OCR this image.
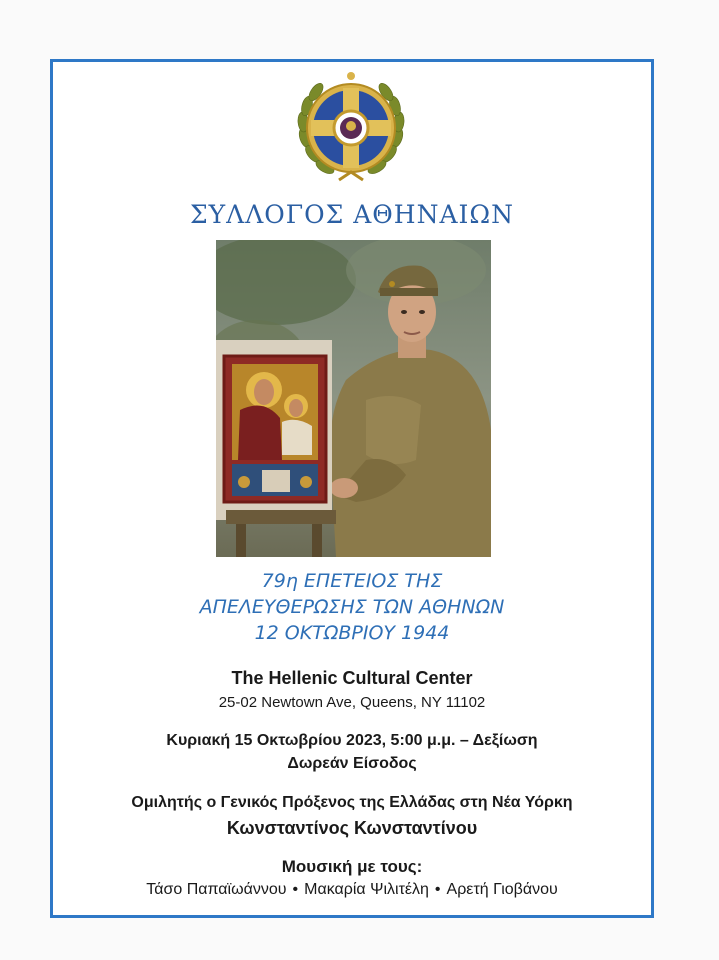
ΣΥΛΛΟΓΟΣ ΑΘΗΝΑΙΩΝ
79η ΕΠΕΤΕΙΟΣ ΤΗΣ
ΑΠΕΛΕΥΘΕΡΩΣΗΣ ΤΩΝ ΑΘΗΝΩΝ
12 ΟΚΤΩΒΡΙΟΥ 1944
The Hellenic Cultural Center
25-02 Newtown Ave, Queens, NY 11102
Κυριακή 15 Οκτωβρίου 2023, 5:00 μ.μ. – Δεξίωση
Δωρεάν Είσοδος
Ομιλητής ο Γενικός Πρόξενος της Ελλάδας στη Νέα Υόρκη
Κωνσταντίνος Κωνσταντίνου
Μουσική με τους:
Τάσο Παπαϊωάννου • Μακαρία Ψιλιτέλη • Αρετή Γιοβάνου
